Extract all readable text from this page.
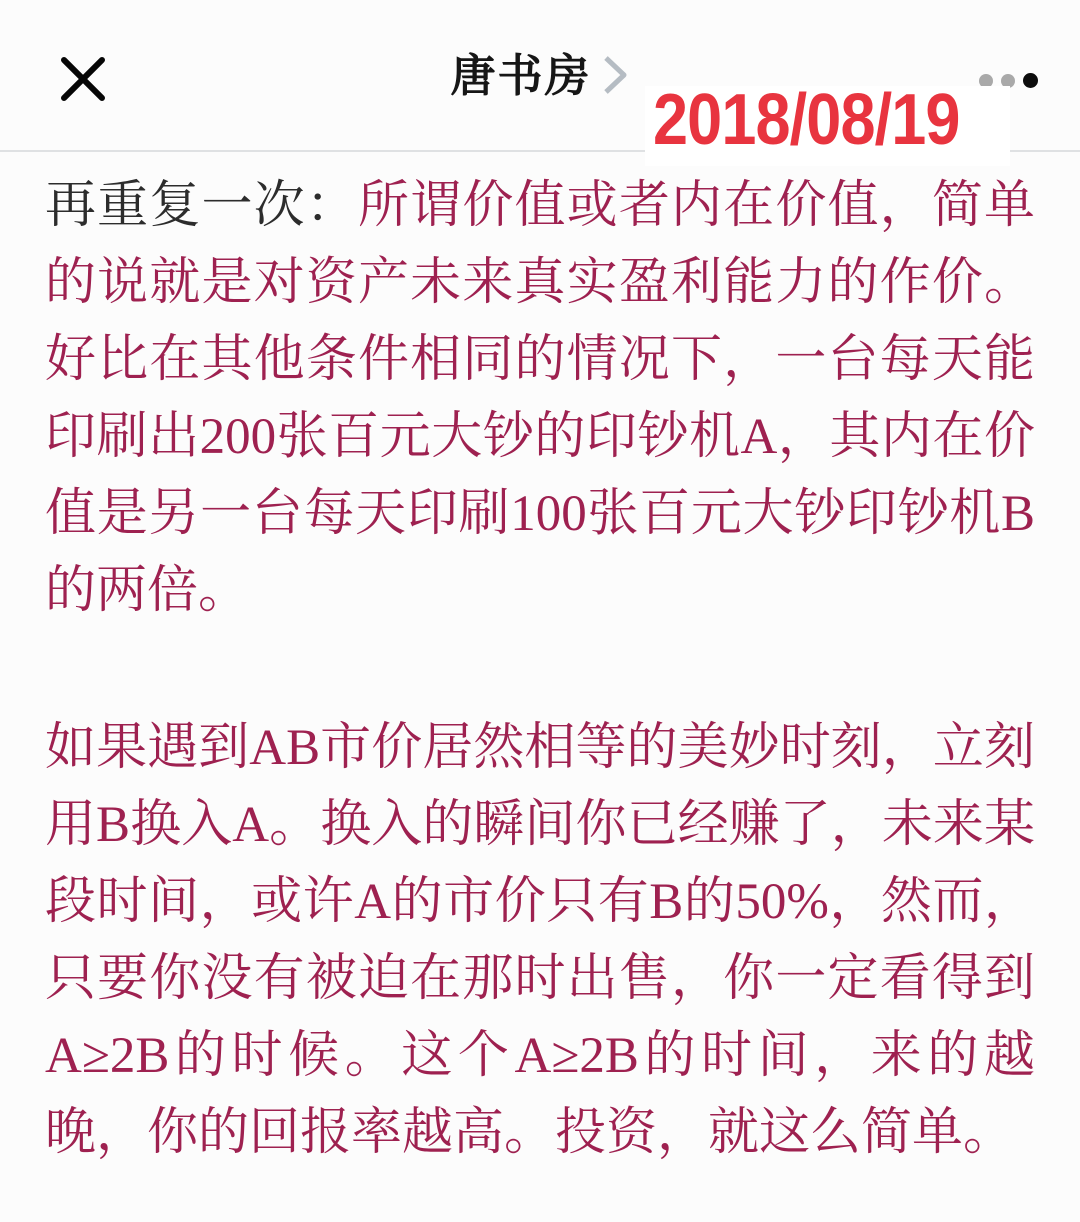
唐书房
2018/08/19
再重复一次：所谓价值或者内在价值，简单
的说就是对资产未来真实盈利能力的作价。
好比在其他条件相同的情况下，一台每天能
印刷出200张百元大钞的印钞机A，其内在价
值是另一台每天印刷100张百元大钞印钞机B
的两倍。
如果遇到AB市价居然相等的美妙时刻，立刻
用B换入A。换入的瞬间你已经赚了，未来某
段时间，或许A的市价只有B的50%，然而，
只要你没有被迫在那时出售，你一定看得到
A≥2B的时候。这个A≥2B的时间，来的越
晚，你的回报率越高。投资，就这么简单。
